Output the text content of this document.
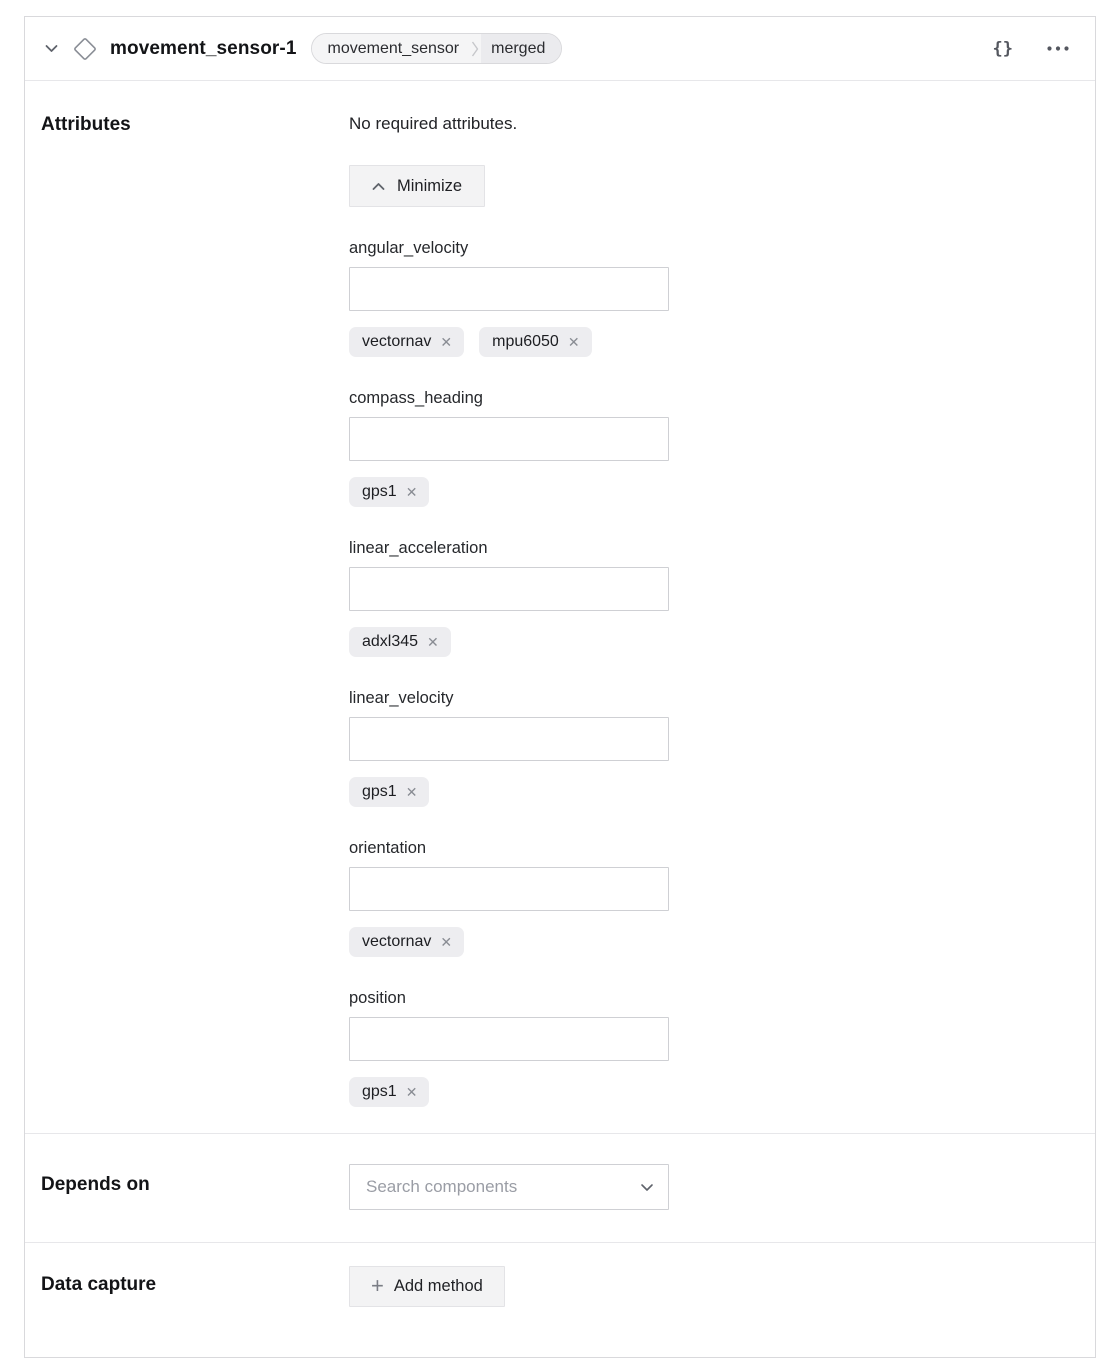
movement_sensor-1	movement_sensor	merged	{}
Attributes	No required attributes.
Minimize
angular_velocity
vectornav ✕	mpu6050 ✕
compass_heading
gps1 ✕
linear_acceleration
adxl345 ✕
linear_velocity
gps1 ✕
orientation
vectornav ✕
position
gps1 ✕
Depends on	Search components
Data capture	+ Add method
